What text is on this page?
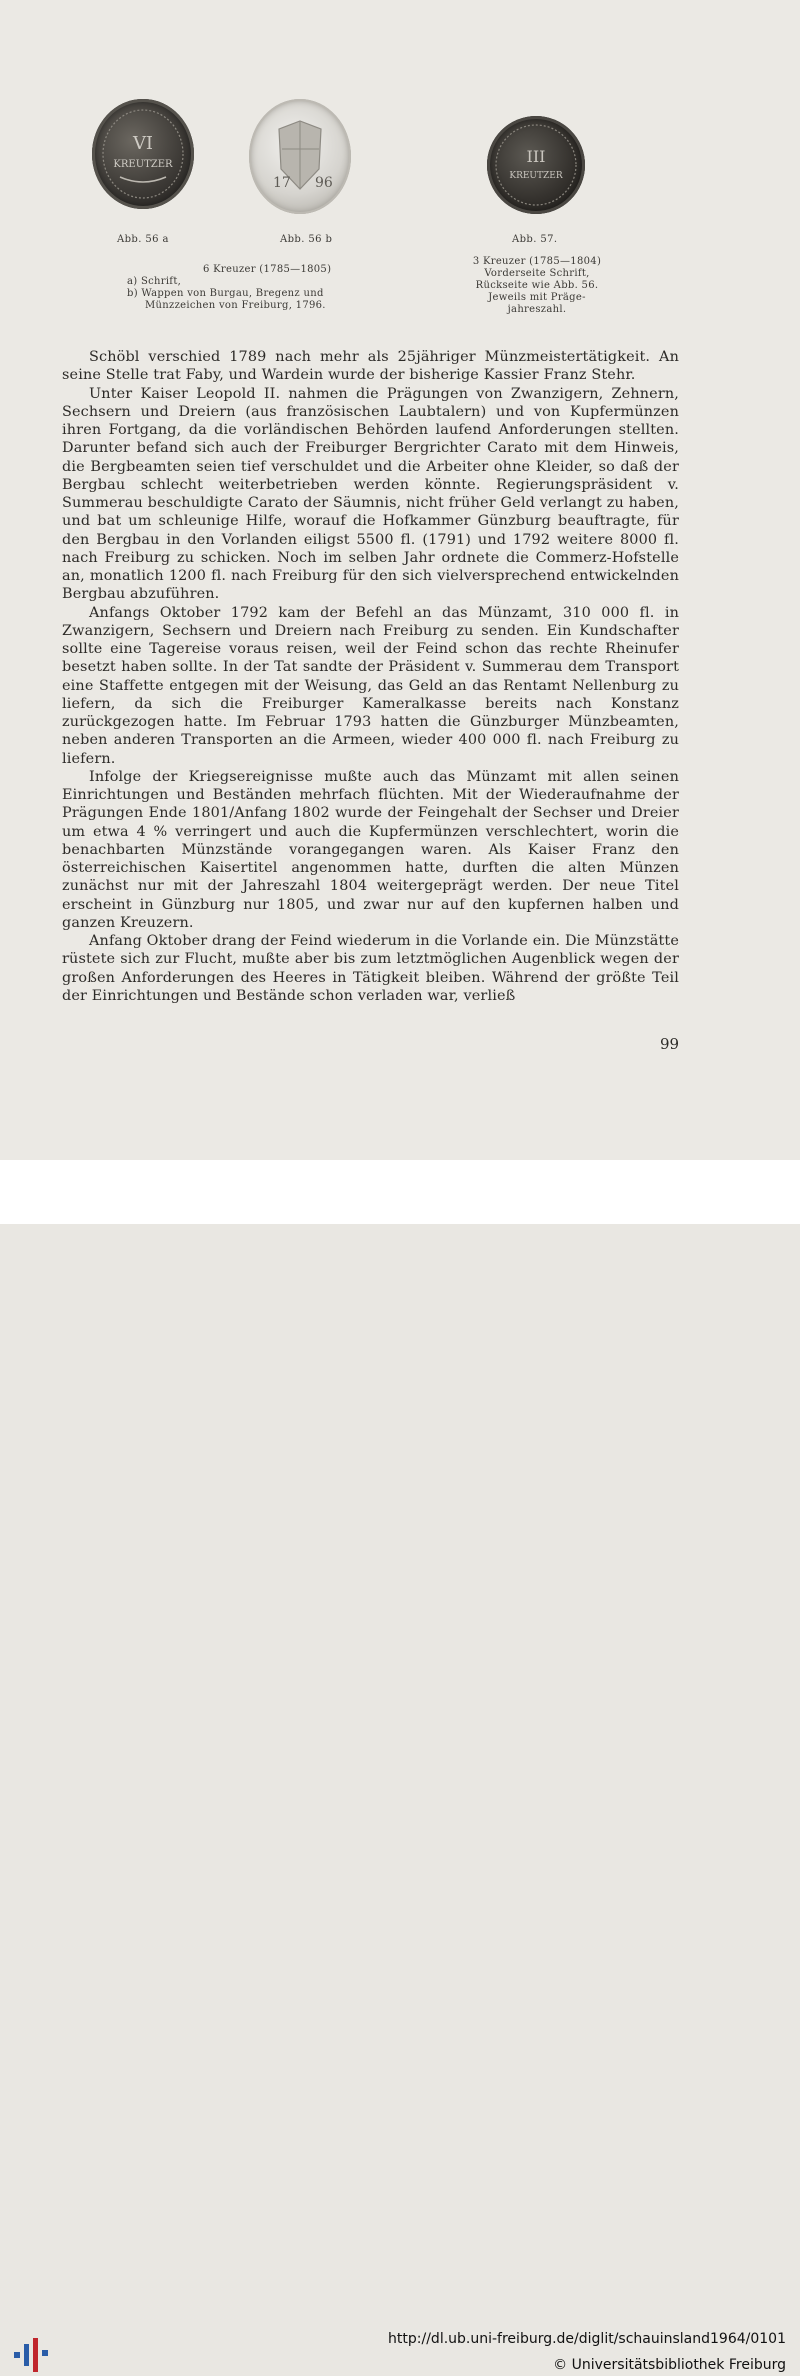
VI
KREUTZER
17 96
III
KREUTZER
Abb. 56 a	Abb. 56 b	Abb. 57.
6 Kreuzer (1785—1805)
a) Schrift,
b) Wappen von Burgau, Bregenz und
Münzzeichen von Freiburg, 1796.
3 Kreuzer (1785—1804)
Vorderseite Schrift,
Rückseite wie Abb. 56.
Jeweils mit Präge-
jahreszahl.

Schöbl verschied 1789 nach mehr als 25jähriger Münzmeistertätigkeit. An seine Stelle trat Faby, und Wardein wurde der bisherige Kassier Franz Stehr.

Unter Kaiser Leopold II. nahmen die Prägungen von Zwanzigern, Zehnern, Sechsern und Dreiern (aus französischen Laubtalern) und von Kupfermünzen ihren Fortgang, da die vorländischen Behörden laufend Anforderungen stellten. Darunter befand sich auch der Freiburger Bergrichter Carato mit dem Hinweis, die Bergbeamten seien tief verschuldet und die Arbeiter ohne Kleider, so daß der Bergbau schlecht weiterbetrieben werden könnte. Regierungspräsident v. Summerau beschuldigte Carato der Säumnis, nicht früher Geld verlangt zu haben, und bat um schleunige Hilfe, worauf die Hofkammer Günzburg beauftragte, für den Bergbau in den Vorlanden eiligst 5500 fl. (1791) und 1792 weitere 8000 fl. nach Freiburg zu schicken. Noch im selben Jahr ordnete die Commerz-Hofstelle an, monatlich 1200 fl. nach Freiburg für den sich vielversprechend entwickelnden Bergbau abzuführen.

Anfangs Oktober 1792 kam der Befehl an das Münzamt, 310 000 fl. in Zwanzigern, Sechsern und Dreiern nach Freiburg zu senden. Ein Kundschafter sollte eine Tagereise voraus reisen, weil der Feind schon das rechte Rheinufer besetzt haben sollte. In der Tat sandte der Präsident v. Summerau dem Transport eine Staffette entgegen mit der Weisung, das Geld an das Rentamt Nellenburg zu liefern, da sich die Freiburger Kameralkasse bereits nach Konstanz zurückgezogen hatte. Im Februar 1793 hatten die Günzburger Münzbeamten, neben anderen Transporten an die Armeen, wieder 400 000 fl. nach Freiburg zu liefern.

Infolge der Kriegsereignisse mußte auch das Münzamt mit allen seinen Einrichtungen und Beständen mehrfach flüchten. Mit der Wiederaufnahme der Prägungen Ende 1801/Anfang 1802 wurde der Feingehalt der Sechser und Dreier um etwa 4 % verringert und auch die Kupfermünzen verschlechtert, worin die benachbarten Münzstände vorangegangen waren. Als Kaiser Franz den österreichischen Kaisertitel angenommen hatte, durften die alten Münzen zunächst nur mit der Jahreszahl 1804 weitergeprägt werden. Der neue Titel erscheint in Günzburg nur 1805, und zwar nur auf den kupfernen halben und ganzen Kreuzern.

Anfang Oktober drang der Feind wiederum in die Vorlande ein. Die Münzstätte rüstete sich zur Flucht, mußte aber bis zum letztmöglichen Augenblick wegen der großen Anforderungen des Heeres in Tätigkeit bleiben. Während der größte Teil der Einrichtungen und Bestände schon verladen war, verließ

99
http://dl.ub.uni-freiburg.de/diglit/schauinsland1964/0101
© Universitätsbibliothek Freiburg
